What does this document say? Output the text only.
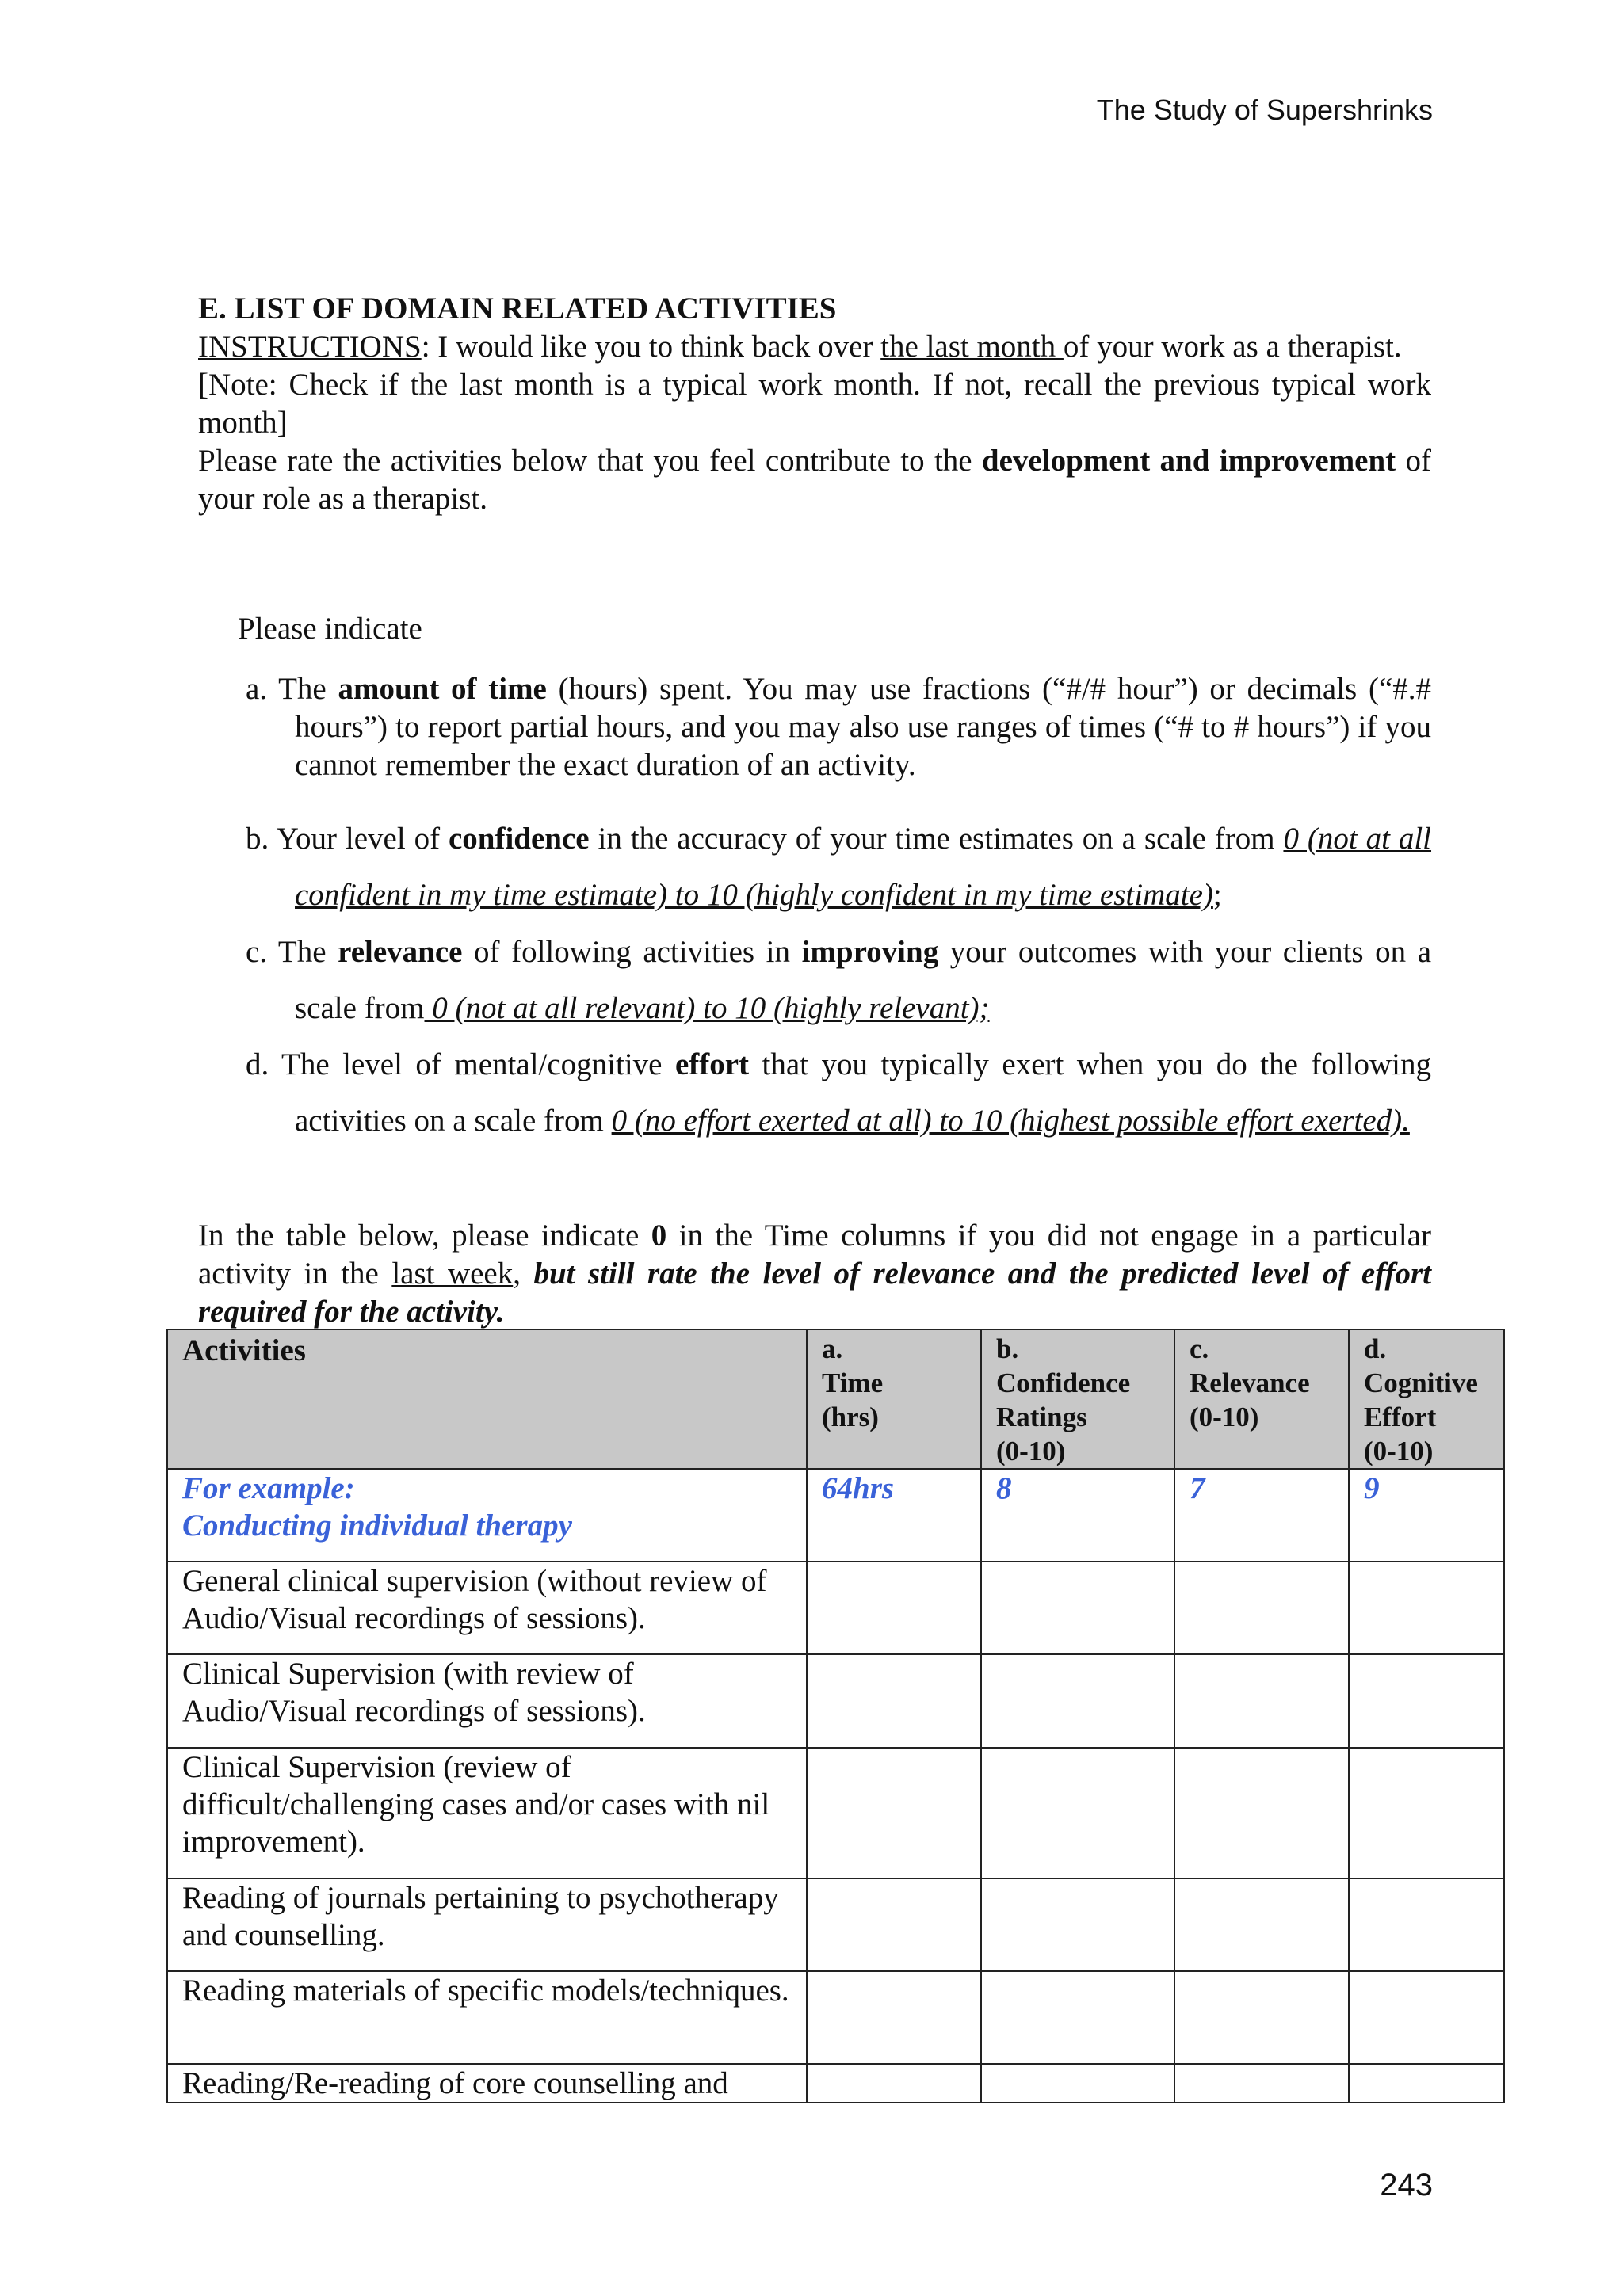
The Study of Supershrinks

E. LIST OF DOMAIN RELATED ACTIVITIES

INSTRUCTIONS: I would like you to think back over the last month of your work as a therapist.

[Note: Check if the last month is a typical work month. If not, recall the previous typical work month]

Please rate the activities below that you feel contribute to the development and improvement of your role as a therapist.

Please indicate
a. The amount of time (hours) spent. You may use fractions (“#/# hour”) or decimals (“#.# hours”) to report partial hours, and you may also use ranges of times (“# to # hours”) if you cannot remember the exact duration of an activity.
b. Your level of confidence in the accuracy of your time estimates on a scale from 0 (not at all confident in my time estimate) to 10 (highly confident in my time estimate);
c. The relevance of following activities in improving your outcomes with your clients on a scale from 0 (not at all relevant) to 10 (highly relevant);
d. The level of mental/cognitive effort that you typically exert when you do the following activities on a scale from 0 (no effort exerted at all) to 10 (highest possible effort exerted).
In the table below, please indicate 0 in the Time columns if you did not engage in a particular activity in the last week, but still rate the level of relevance and the predicted level of effort required for the activity.
Activities	a.
Time
(hrs)	b.
Confidence
Ratings
(0-10)	c.
Relevance
(0-10)	d.
Cognitive
Effort
(0-10)
For example:
Conducting individual therapy	64hrs	8	7	9
General clinical supervision (without review of Audio/Visual recordings of sessions).				
Clinical Supervision (with review of Audio/Visual recordings of sessions).				
Clinical Supervision (review of difficult/challenging cases and/or cases with nil improvement).				
Reading of journals pertaining to psychotherapy and counselling.				
Reading materials of specific models/techniques.				
Reading/Re-reading of core counselling and				
243
